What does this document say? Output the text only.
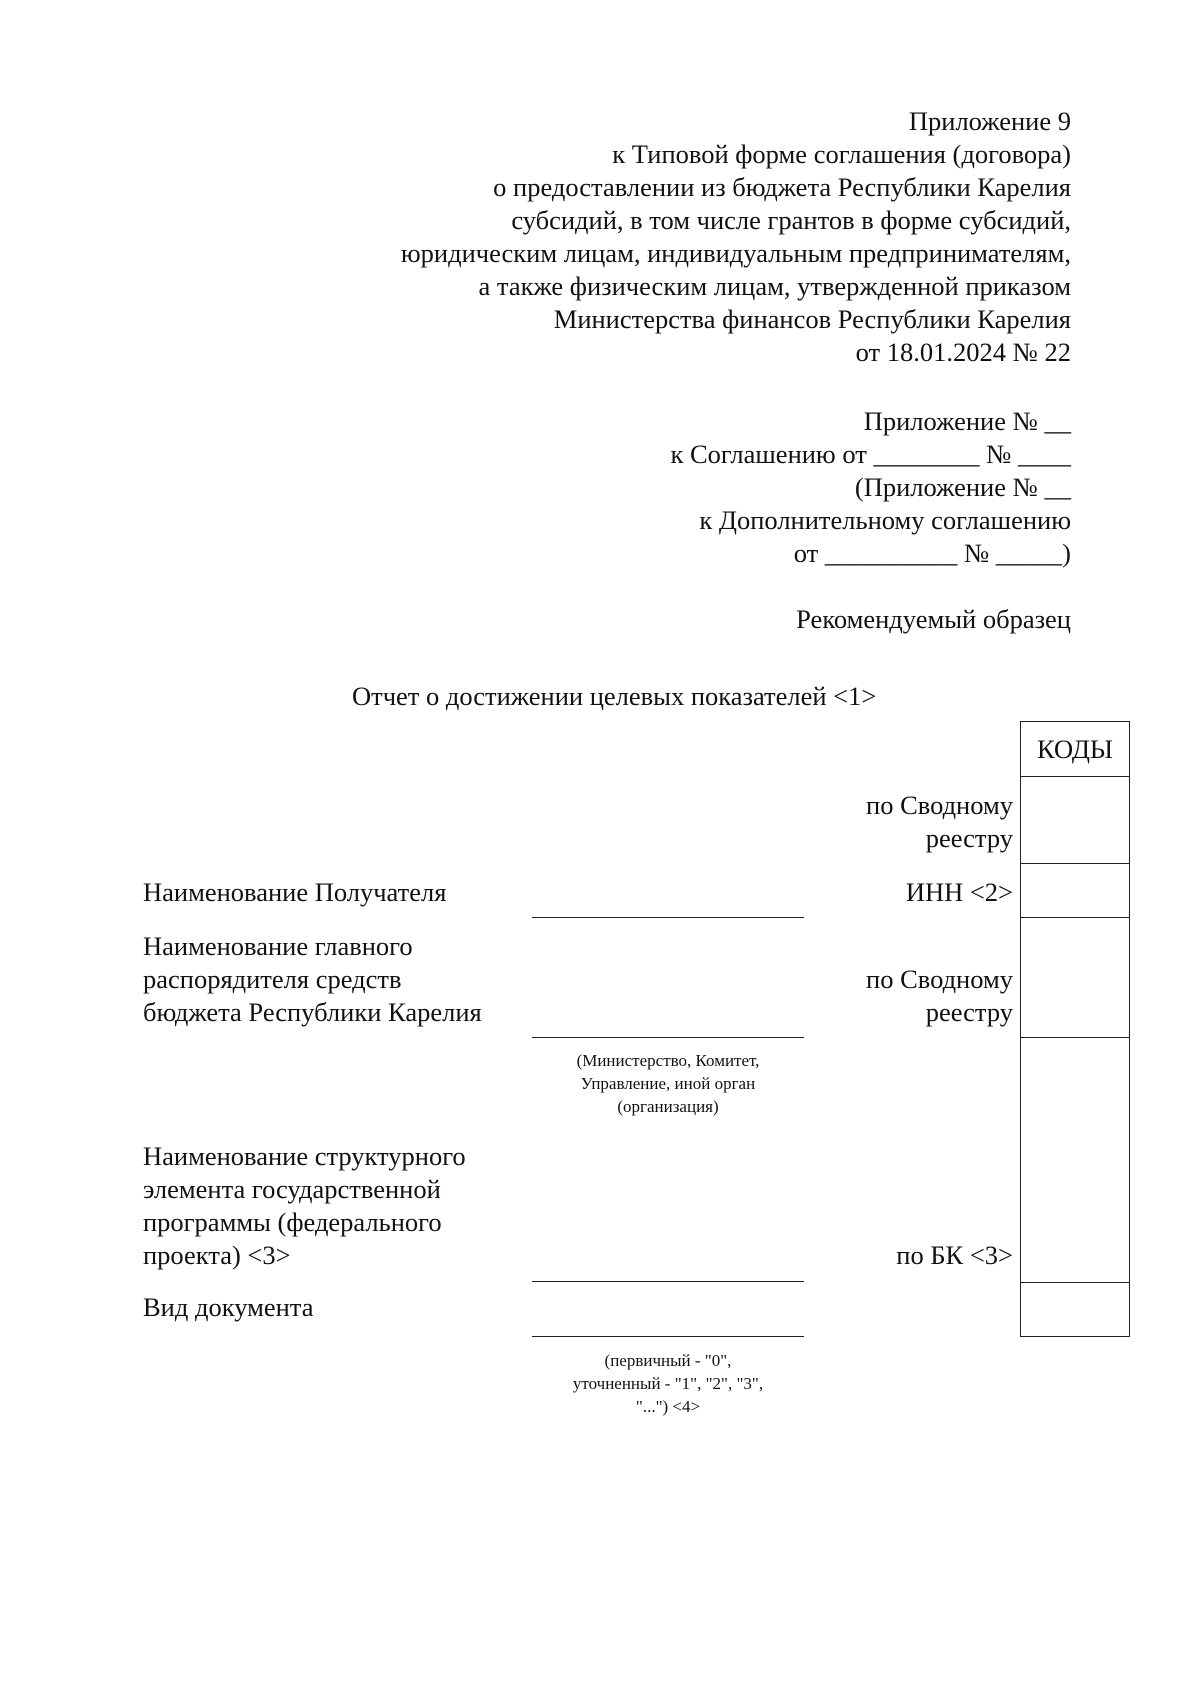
Приложение 9
к Типовой форме соглашения (договора)
о предоставлении из бюджета Республики Карелия
субсидий, в том числе грантов в форме субсидий,
юридическим лицам, индивидуальным предпринимателям,
а также физическим лицам, утвержденной приказом
Министерства финансов Республики Карелия
от 18.01.2024 № 22
Приложение № __
к Соглашению от ________ № ____
(Приложение № __
к Дополнительному соглашению
от __________ № _____)
Рекомендуемый образец
Отчет о достижении целевых показателей <1>
КОДЫ
по Сводному
реестру
ИНН <2>
по Сводному
реестру
по БК <3>
Наименование Получателя
Наименование главного
распорядителя средств
бюджета Республики Карелия
Наименование структурного
элемента государственной
программы (федерального
проекта) <3>
Вид документа
(Министерство, Комитет,
Управление, иной орган
(организация)
(первичный - "0",
уточненный - "1", "2", "3",
"...") <4>
